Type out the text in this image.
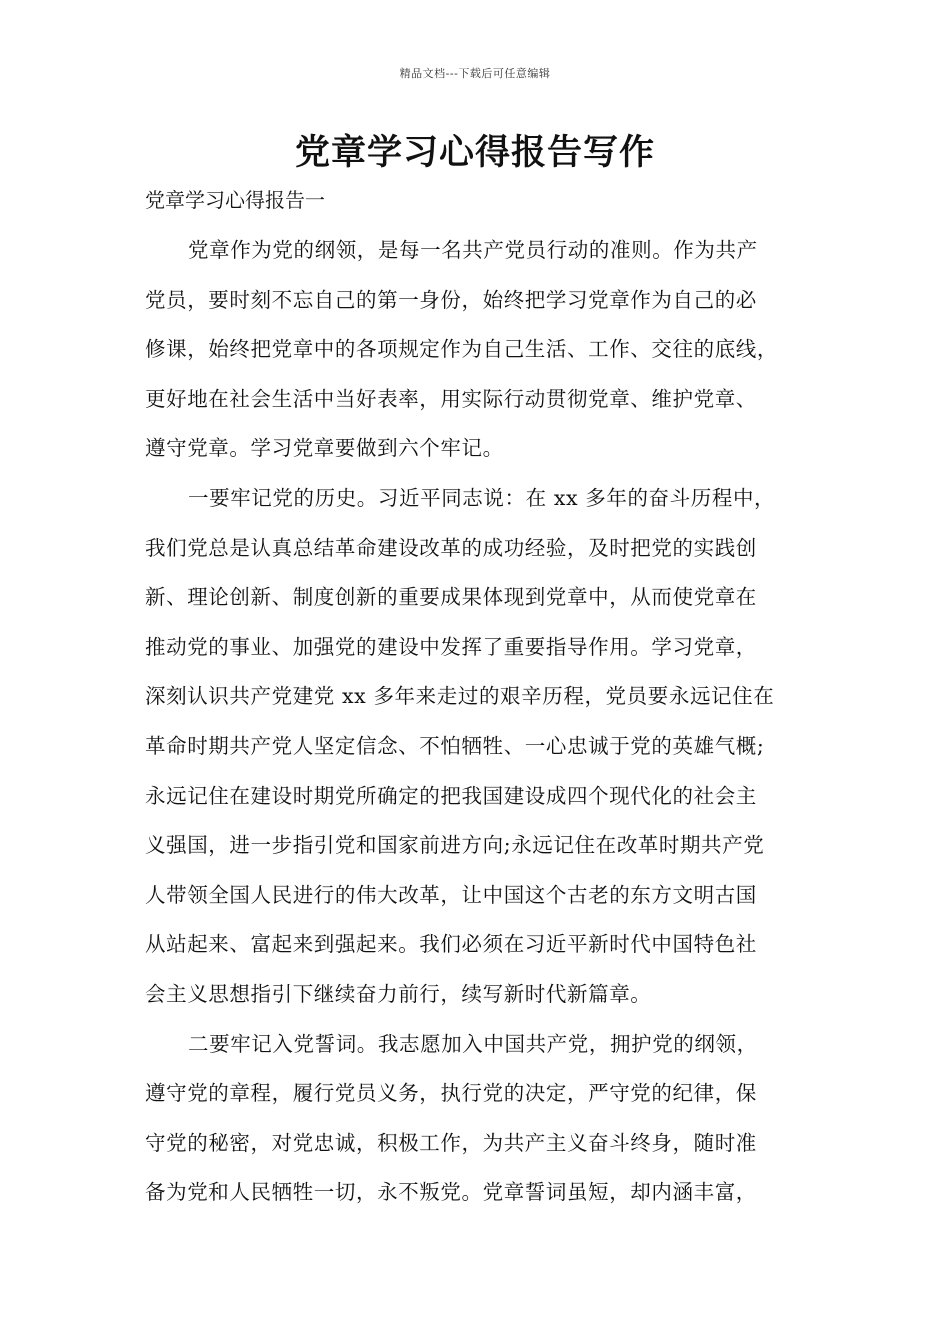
精品文档---下载后可任意编辑
党章学习心得报告写作
党章学习心得报告一
党章作为党的纲领，是每一名共产党员行动的准则。作为共产
党员，要时刻不忘自己的第一身份，始终把学习党章作为自己的必
修课，始终把党章中的各项规定作为自己生活、工作、交往的底线，
更好地在社会生活中当好表率，用实际行动贯彻党章、维护党章、
遵守党章。学习党章要做到六个牢记。
一要牢记党的历史。习近平同志说：在 xx 多年的奋斗历程中，
我们党总是认真总结革命建设改革的成功经验，及时把党的实践创
新、理论创新、制度创新的重要成果体现到党章中，从而使党章在
推动党的事业、加强党的建设中发挥了重要指导作用。学习党章，
深刻认识共产党建党 xx 多年来走过的艰辛历程，党员要永远记住在
革命时期共产党人坚定信念、不怕牺牲、一心忠诚于党的英雄气概;
永远记住在建设时期党所确定的把我国建设成四个现代化的社会主
义强国，进一步指引党和国家前进方向;永远记住在改革时期共产党
人带领全国人民进行的伟大改革，让中国这个古老的东方文明古国
从站起来、富起来到强起来。我们必须在习近平新时代中国特色社
会主义思想指引下继续奋力前行，续写新时代新篇章。
二要牢记入党誓词。我志愿加入中国共产党，拥护党的纲领，
遵守党的章程，履行党员义务，执行党的决定，严守党的纪律，保
守党的秘密，对党忠诚，积极工作，为共产主义奋斗终身，随时准
备为党和人民牺牲一切，永不叛党。党章誓词虽短，却内涵丰富，
